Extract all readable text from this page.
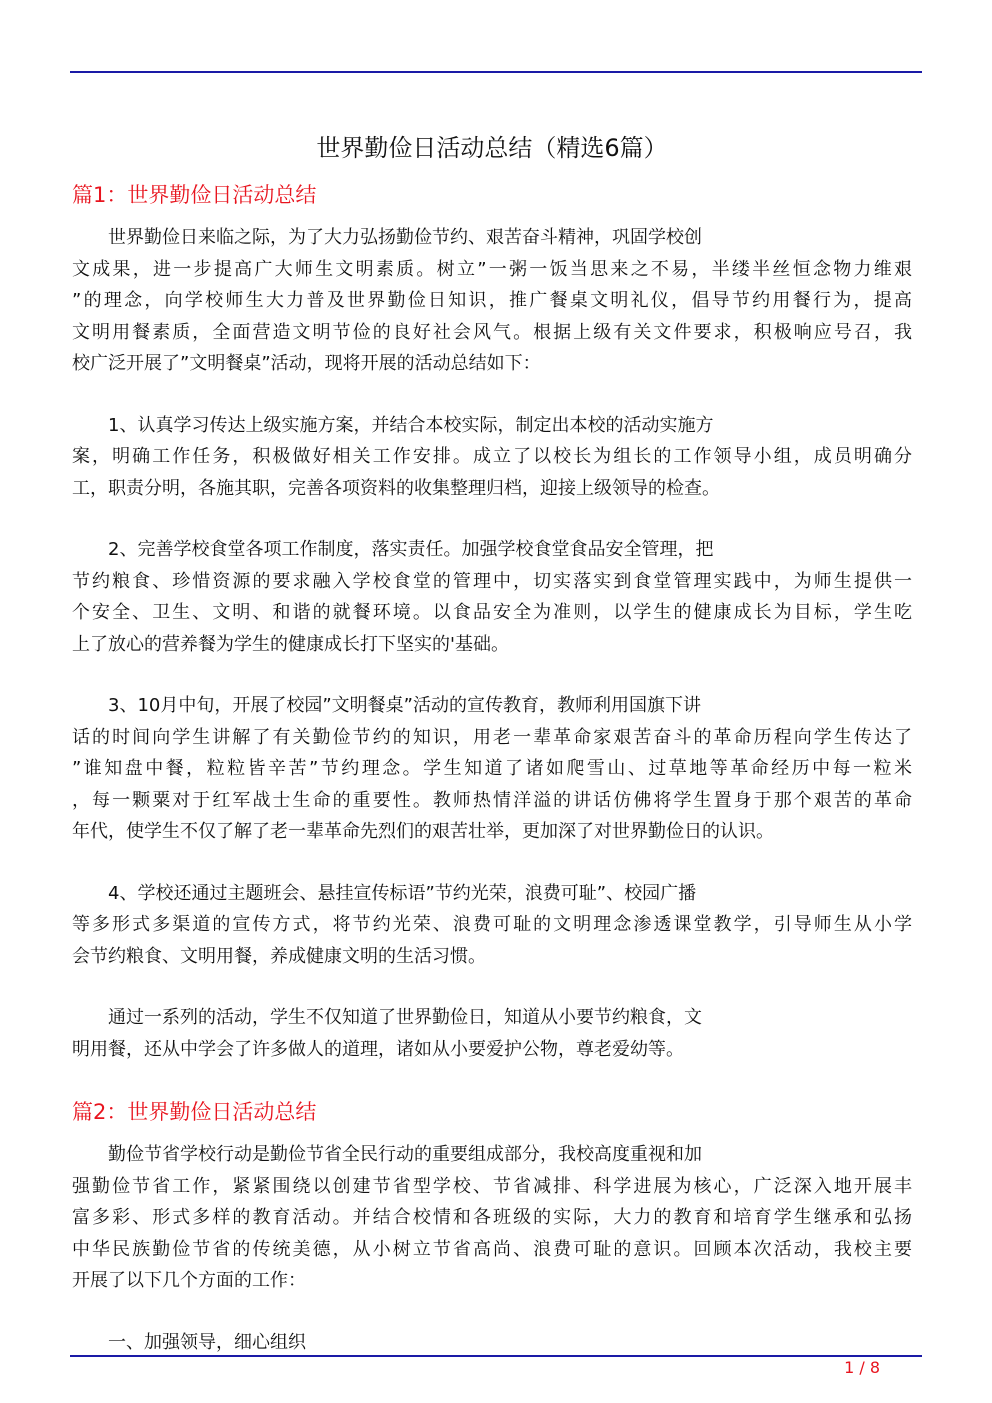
世界勤俭日活动总结（精选6篇）
篇1：世界勤俭日活动总结
世界勤俭日来临之际，为了大力弘扬勤俭节约、艰苦奋斗精神，巩固学校创
文成果，进一步提高广大师生文明素质。树立”一粥一饭当思来之不易，半缕半丝恒念物力维艰
”的理念，向学校师生大力普及世界勤俭日知识，推广餐桌文明礼仪，倡导节约用餐行为，提高
文明用餐素质，全面营造文明节俭的良好社会风气。根据上级有关文件要求，积极响应号召，我
校广泛开展了”文明餐桌”活动，现将开展的活动总结如下：
1、认真学习传达上级实施方案，并结合本校实际，制定出本校的活动实施方
案，明确工作任务，积极做好相关工作安排。成立了以校长为组长的工作领导小组，成员明确分
工，职责分明，各施其职，完善各项资料的收集整理归档，迎接上级领导的检查。
2、完善学校食堂各项工作制度，落实责任。加强学校食堂食品安全管理，把
节约粮食、珍惜资源的要求融入学校食堂的管理中，切实落实到食堂管理实践中，为师生提供一
个安全、卫生、文明、和谐的就餐环境。以食品安全为准则，以学生的健康成长为目标，学生吃
上了放心的营养餐为学生的健康成长打下坚实的'基础。
3、10月中旬，开展了校园”文明餐桌”活动的宣传教育，教师利用国旗下讲
话的时间向学生讲解了有关勤俭节约的知识，用老一辈革命家艰苦奋斗的革命历程向学生传达了
”谁知盘中餐，粒粒皆辛苦”节约理念。学生知道了诸如爬雪山、过草地等革命经历中每一粒米
，每一颗粟对于红军战士生命的重要性。教师热情洋溢的讲话仿佛将学生置身于那个艰苦的革命
年代，使学生不仅了解了老一辈革命先烈们的艰苦壮举，更加深了对世界勤俭日的认识。
4、学校还通过主题班会、悬挂宣传标语”节约光荣，浪费可耻”、校园广播
等多形式多渠道的宣传方式，将节约光荣、浪费可耻的文明理念渗透课堂教学，引导师生从小学
会节约粮食、文明用餐，养成健康文明的生活习惯。
通过一系列的活动，学生不仅知道了世界勤俭日，知道从小要节约粮食，文
明用餐，还从中学会了许多做人的道理，诸如从小要爱护公物，尊老爱幼等。
篇2：世界勤俭日活动总结
勤俭节省学校行动是勤俭节省全民行动的重要组成部分，我校高度重视和加
强勤俭节省工作，紧紧围绕以创建节省型学校、节省减排、科学进展为核心，广泛深入地开展丰
富多彩、形式多样的教育活动。并结合校情和各班级的实际，大力的教育和培育学生继承和弘扬
中华民族勤俭节省的传统美德，从小树立节省高尚、浪费可耻的意识。回顾本次活动，我校主要
开展了以下几个方面的工作：
一、加强领导，细心组织
1 / 8
